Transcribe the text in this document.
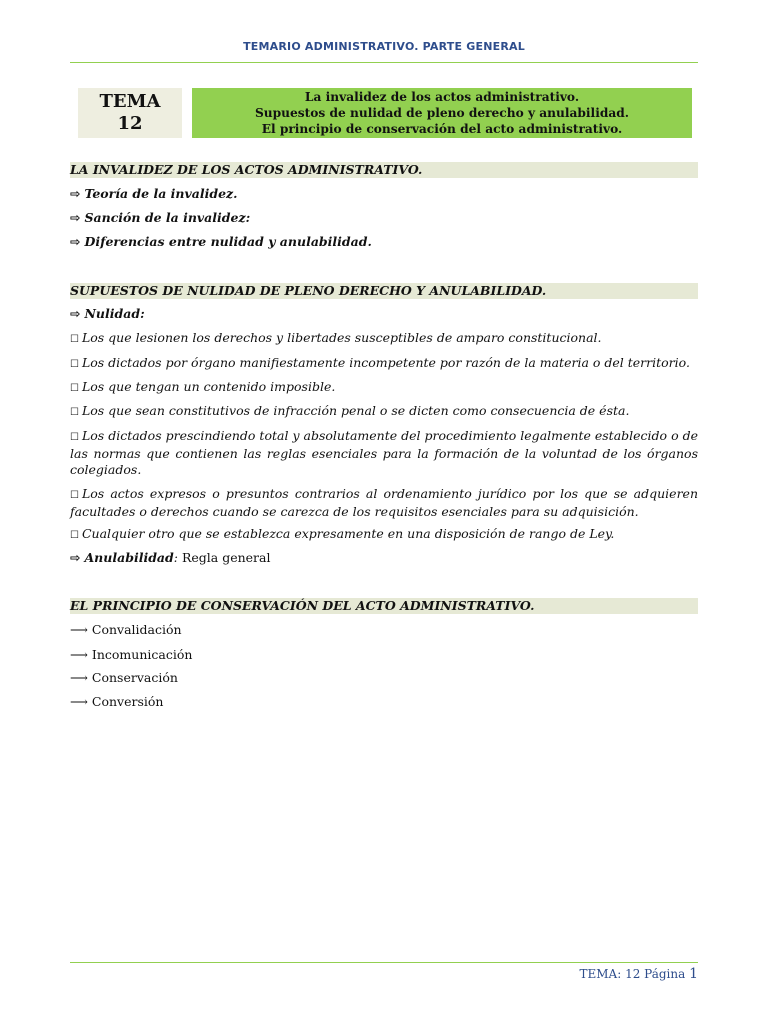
TEMARIO ADMINISTRATIVO. PARTE GENERAL
TEMA
12
La invalidez de los actos administrativo.
Supuestos de nulidad de pleno derecho y anulabilidad.
El principio de conservación del acto administrativo.
LA INVALIDEZ DE LOS ACTOS ADMINISTRATIVO.
⇨ Teoría de la invalidez.
⇨ Sanción de la invalidez:
⇨ Diferencias entre nulidad y anulabilidad.
SUPUESTOS DE NULIDAD DE PLENO DERECHO Y ANULABILIDAD.
⇨ Nulidad:
☐ Los que lesionen los derechos y libertades susceptibles de amparo constitucional.
☐ Los dictados por órgano manifiestamente incompetente por razón de la materia o del territorio.
☐ Los que tengan un contenido imposible.
☐ Los que sean constitutivos de infracción penal o se dicten como consecuencia de ésta.
☐ Los dictados prescindiendo total y absolutamente del procedimiento legalmente establecido o de las normas que contienen las reglas esenciales para la formación de la voluntad de los órganos colegiados.
☐ Los actos expresos o presuntos contrarios al ordenamiento jurídico por los que se adquieren facultades o derechos cuando se carezca de los requisitos esenciales para su adquisición.
☐ Cualquier otro que se establezca expresamente en una disposición de rango de Ley.
⇨ Anulabilidad: Regla general
EL PRINCIPIO DE CONSERVACIÓN DEL ACTO ADMINISTRATIVO.
⟶ Convalidación
⟶ Incomunicación
⟶ Conservación
⟶ Conversión
TEMA: 12 Página 1
